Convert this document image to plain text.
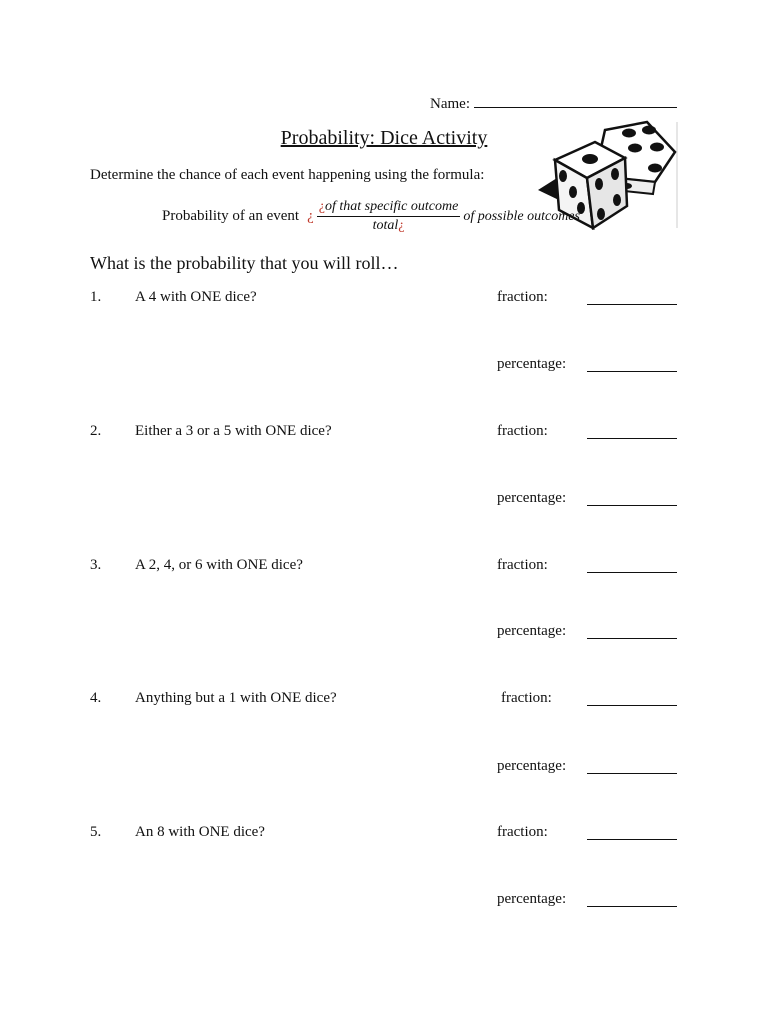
Name:
Probability: Dice Activity
Determine the chance of each event happening using the formula:
Probability of an event ¿ $\frac{\text{¿of that specific outcome}}{\text{total¿}}$ of possible outcomes
What is the probability that you will roll…
1. A 4 with ONE dice?	fraction:
percentage:
2. Either a 3 or a 5 with ONE dice?	fraction:
percentage:
3. A 2, 4, or 6 with ONE dice?	fraction:
percentage:
4. Anything but a 1 with ONE dice?	fraction:
percentage:
5. An 8 with ONE dice?	fraction:
percentage:
